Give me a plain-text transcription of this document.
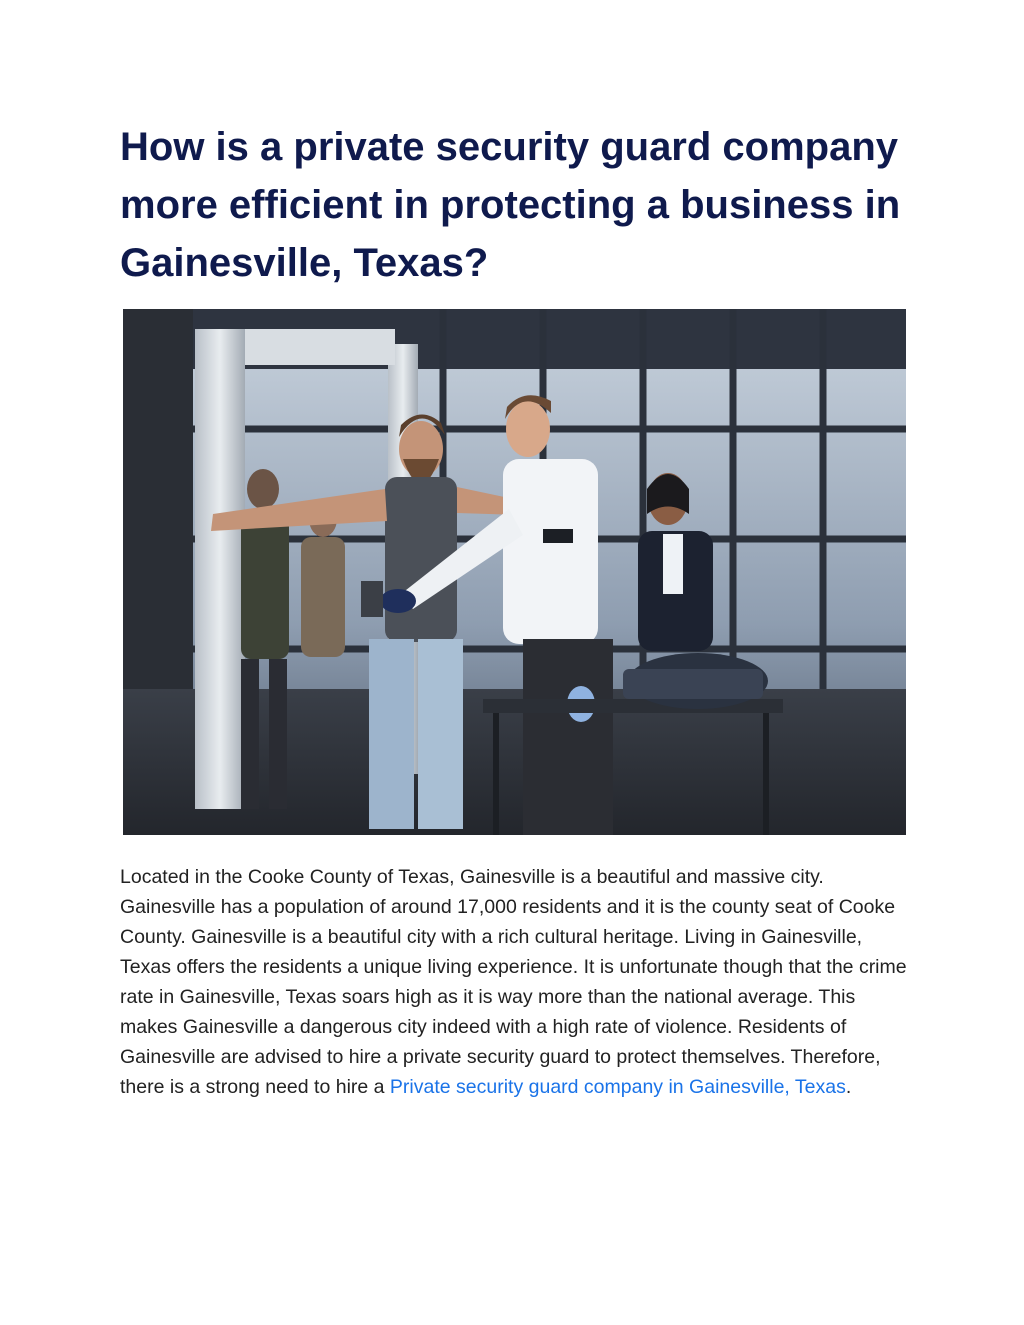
How is a private security guard company more efficient in protecting a business in Gainesville, Texas?

Located in the Cooke County of Texas, Gainesville is a beautiful and massive city. Gainesville has a population of around 17,000 residents and it is the county seat of Cooke County. Gainesville is a beautiful city with a rich cultural heritage. Living in Gainesville, Texas offers the residents a unique living experience. It is unfortunate though that the crime rate in Gainesville, Texas soars high as it is way more than the national average. This makes Gainesville a dangerous city indeed with a high rate of violence. Residents of Gainesville are advised to hire a private security guard to protect themselves. Therefore, there is a strong need to hire a Private security guard company in Gainesville, Texas.
